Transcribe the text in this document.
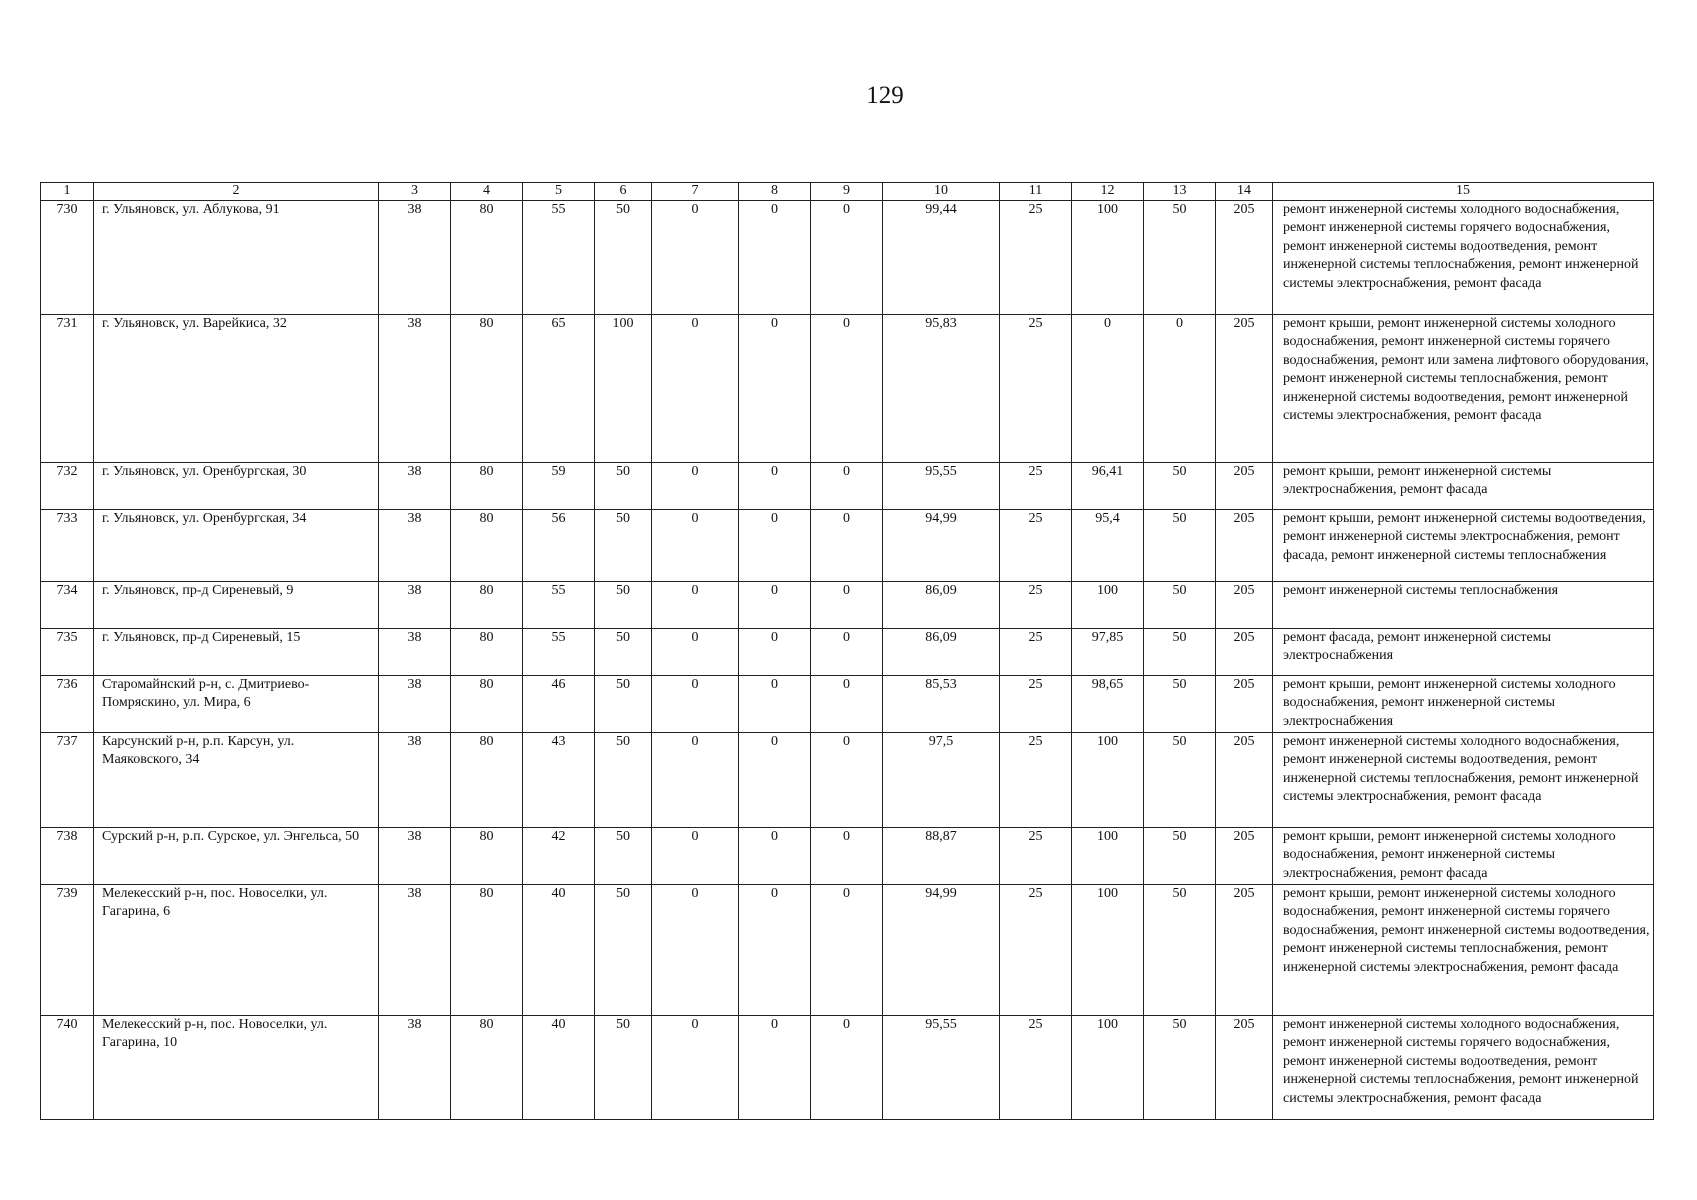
129
1	2	3	4	5	6	7	8	9	10	11	12	13	14	15
730	г. Ульяновск, ул. Аблукова, 91	38	80	55	50	0	0	0	99,44	25	100	50	205	ремонт инженерной системы холодного водоснабжения, ремонт инженерной системы горячего водоснабжения, ремонт инженерной системы водоотведения, ремонт инженерной системы теплоснабжения, ремонт инженерной системы электроснабжения, ремонт фасада
731	г. Ульяновск, ул. Варейкиса, 32	38	80	65	100	0	0	0	95,83	25	0	0	205	ремонт крыши, ремонт инженерной системы холодного водоснабжения, ремонт инженерной системы горячего водоснабжения, ремонт или замена лифтового оборудования, ремонт инженерной системы теплоснабжения, ремонт инженерной системы водоотведения, ремонт инженерной системы электроснабжения, ремонт фасада
732	г. Ульяновск, ул. Оренбургская, 30	38	80	59	50	0	0	0	95,55	25	96,41	50	205	ремонт крыши, ремонт инженерной системы электроснабжения, ремонт фасада
733	г. Ульяновск, ул. Оренбургская, 34	38	80	56	50	0	0	0	94,99	25	95,4	50	205	ремонт крыши, ремонт инженерной системы водоотведения, ремонт инженерной системы электроснабжения, ремонт фасада, ремонт инженерной системы теплоснабжения
734	г. Ульяновск, пр-д Сиреневый, 9	38	80	55	50	0	0	0	86,09	25	100	50	205	ремонт инженерной системы теплоснабжения
735	г. Ульяновск, пр-д Сиреневый, 15	38	80	55	50	0	0	0	86,09	25	97,85	50	205	ремонт фасада, ремонт инженерной системы электроснабжения
736	Старомайнский р-н, с. Дмитриево-Помряскино, ул. Мира, 6	38	80	46	50	0	0	0	85,53	25	98,65	50	205	ремонт крыши, ремонт инженерной системы холодного водоснабжения, ремонт инженерной системы электроснабжения
737	Карсунский р-н, р.п. Карсун, ул. Маяковского, 34	38	80	43	50	0	0	0	97,5	25	100	50	205	ремонт инженерной системы холодного водоснабжения, ремонт инженерной системы водоотведения, ремонт инженерной системы теплоснабжения, ремонт инженерной системы электроснабжения, ремонт фасада
738	Сурский р-н, р.п. Сурское, ул. Энгельса, 50	38	80	42	50	0	0	0	88,87	25	100	50	205	ремонт крыши, ремонт инженерной системы холодного водоснабжения, ремонт инженерной системы электроснабжения, ремонт фасада
739	Мелекесский р-н, пос. Новоселки, ул. Гагарина, 6	38	80	40	50	0	0	0	94,99	25	100	50	205	ремонт крыши, ремонт инженерной системы холодного водоснабжения, ремонт инженерной системы горячего водоснабжения, ремонт инженерной системы водоотведения, ремонт инженерной системы теплоснабжения, ремонт инженерной системы электроснабжения, ремонт фасада
740	Мелекесский р-н, пос. Новоселки, ул. Гагарина, 10	38	80	40	50	0	0	0	95,55	25	100	50	205	ремонт инженерной системы холодного водоснабжения, ремонт инженерной системы горячего водоснабжения, ремонт инженерной системы водоотведения, ремонт инженерной системы теплоснабжения, ремонт инженерной системы электроснабжения, ремонт фасада
